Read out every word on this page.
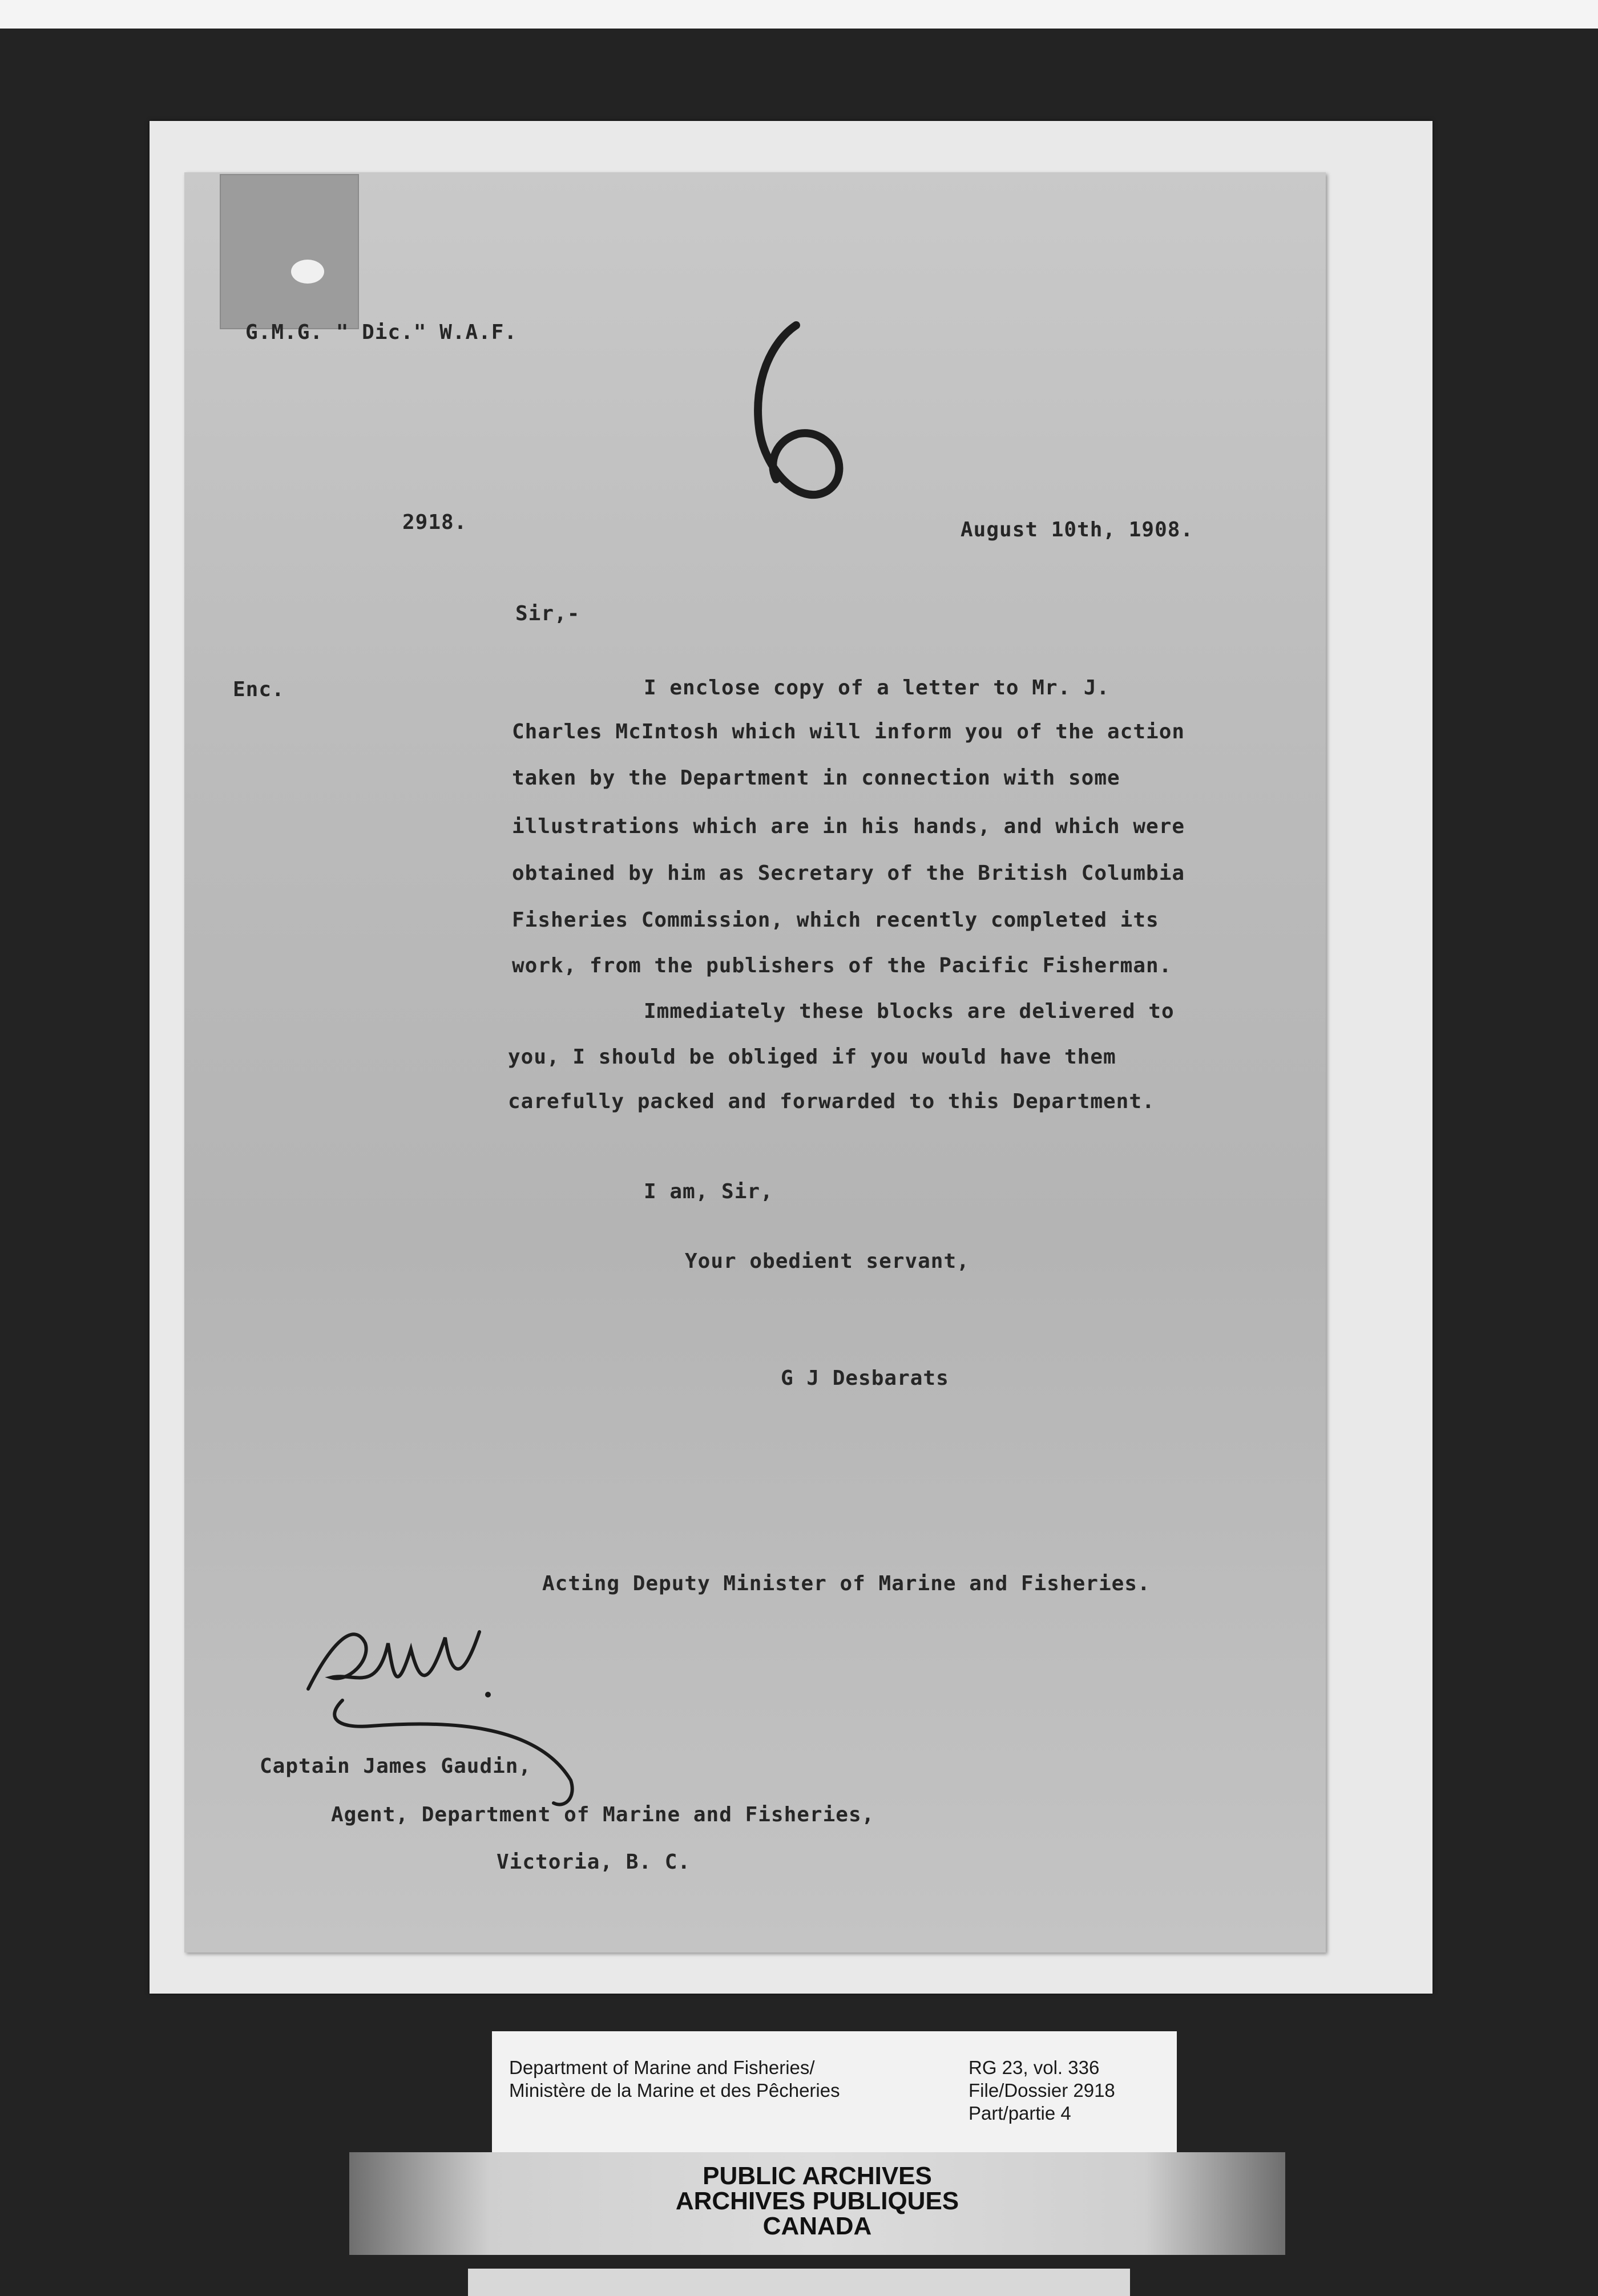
G.M.G. " Dic." W.A.F.
2918.	August 10th, 1908.
Sir,-
Enc.	I enclose copy of a letter to Mr. J.
Charles McIntosh which will inform you of the action
taken by the Department in connection with some
illustrations which are in his hands, and which were
obtained by him as Secretary of the British Columbia
Fisheries Commission, which recently completed its
work, from the publishers of the Pacific Fisherman.
Immediately these blocks are delivered to
you, I should be obliged if you would have them
carefully packed and forwarded to this Department.
I am, Sir,
Your obedient servant,
G J Desbarats
Acting Deputy Minister of Marine and Fisheries.
Captain James Gaudin,
Agent, Department of Marine and Fisheries,
Victoria, B. C.
Department of Marine and Fisheries/
Ministère de la Marine et des Pêcheries
RG 23, vol. 336
File/Dossier 2918
Part/partie 4
PUBLIC ARCHIVES
ARCHIVES PUBLIQUES
CANADA
